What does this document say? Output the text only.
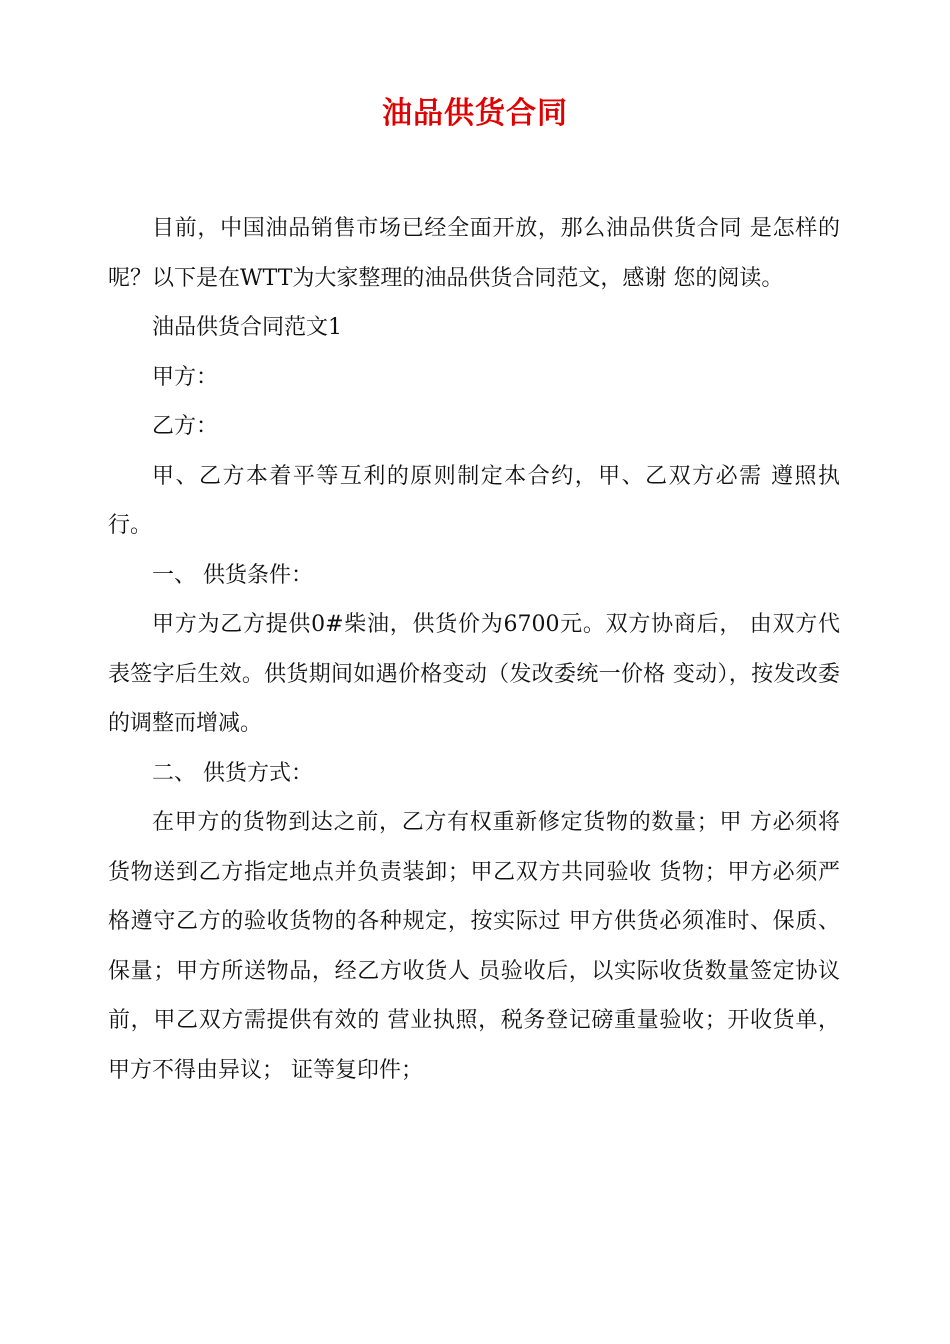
油品供货合同

目前，中国油品销售市场已经全面开放，那么油品供货合同 是怎样的呢？以下是在WTT为大家整理的油品供货合同范文，感谢 您的阅读。

油品供货合同范文1

甲方：

乙方：

甲、乙方本着平等互利的原则制定本合约，甲、乙双方必需 遵照执行。

一、 供货条件：

甲方为乙方提供0#柴油，供货价为6700元。双方协商后， 由双方代表签字后生效。供货期间如遇价格变动（发改委统一价格 变动），按发改委的调整而增减。

二、 供货方式：

在甲方的货物到达之前，乙方有权重新修定货物的数量；甲 方必须将货物送到乙方指定地点并负责装卸；甲乙双方共同验收 货物；甲方必须严格遵守乙方的验收货物的各种规定，按实际过 甲方供货必须准时、保质、保量；甲方所送物品，经乙方收货人 员验收后，以实际收货数量签定协议前，甲乙双方需提供有效的 营业执照，税务登记磅重量验收；开收货单，甲方不得由异议； 证等复印件；
